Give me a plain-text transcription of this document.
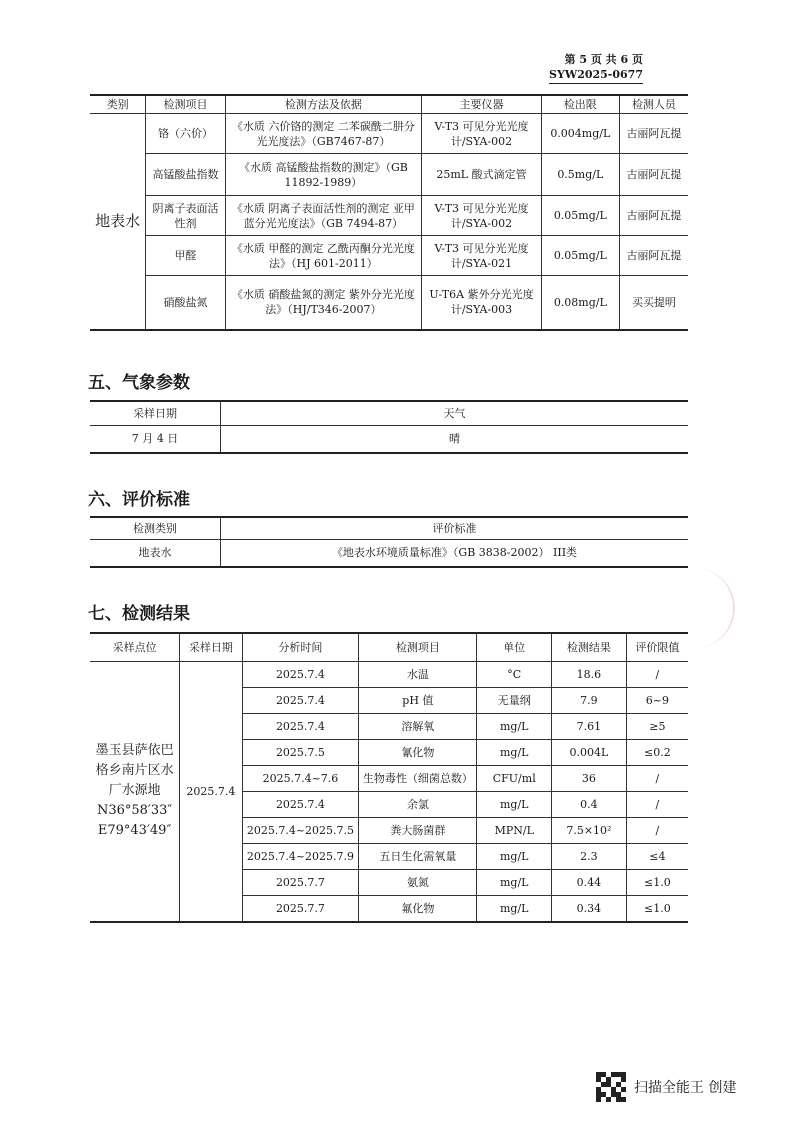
第 5 页 共 6 页
SYW2025-0677
类别	检测项目	检测方法及依据	主要仪器	检出限	检测人员
地表水	铬（六价）	《水质 六价铬的测定 二苯碳酰二肼分光光度法》（GB7467-87）	V-T3 可见分光光度计/SYA-002	0.004mg/L	古丽阿瓦提
	高锰酸盐指数	《水质 高锰酸盐指数的测定》（GB 11892-1989）	25mL 酸式滴定管	0.5mg/L	古丽阿瓦提
	阴离子表面活性剂	《水质 阴离子表面活性剂的测定 亚甲蓝分光光度法》（GB 7494-87）	V-T3 可见分光光度计/SYA-002	0.05mg/L	古丽阿瓦提
	甲醛	《水质 甲醛的测定 乙酰丙酮分光光度法》（HJ 601-2011）	V-T3 可见分光光度计/SYA-021	0.05mg/L	古丽阿瓦提
	硝酸盐氮	《水质 硝酸盐氮的测定 紫外分光光度法》（HJ/T346-2007）	U-T6A 紫外分光光度计/SYA-003	0.08mg/L	买买提明
五、气象参数
采样日期	天气
7 月 4 日	晴
六、评价标准
检测类别	评价标准
地表水	《地表水环境质量标准》（GB 3838-2002） III类
七、检测结果
采样点位	采样日期	分析时间	检测项目	单位	检测结果	评价限值
墨玉县萨依巴格乡南片区水厂水源地 N36°58′33″ E79°43′49″	2025.7.4	2025.7.4	水温	°C	18.6	/
		2025.7.4	pH 值	无量纲	7.9	6~9
		2025.7.4	溶解氧	mg/L	7.61	≥5
		2025.7.5	氰化物	mg/L	0.004L	≤0.2
		2025.7.4~7.6	生物毒性（细菌总数）	CFU/ml	36	/
		2025.7.4	余氯	mg/L	0.4	/
		2025.7.4~2025.7.5	粪大肠菌群	MPN/L	7.5×10²	/
		2025.7.4~2025.7.9	五日生化需氧量	mg/L	2.3	≤4
		2025.7.7	氨氮	mg/L	0.44	≤1.0
		2025.7.7	氟化物	mg/L	0.34	≤1.0
扫描全能王 创建
